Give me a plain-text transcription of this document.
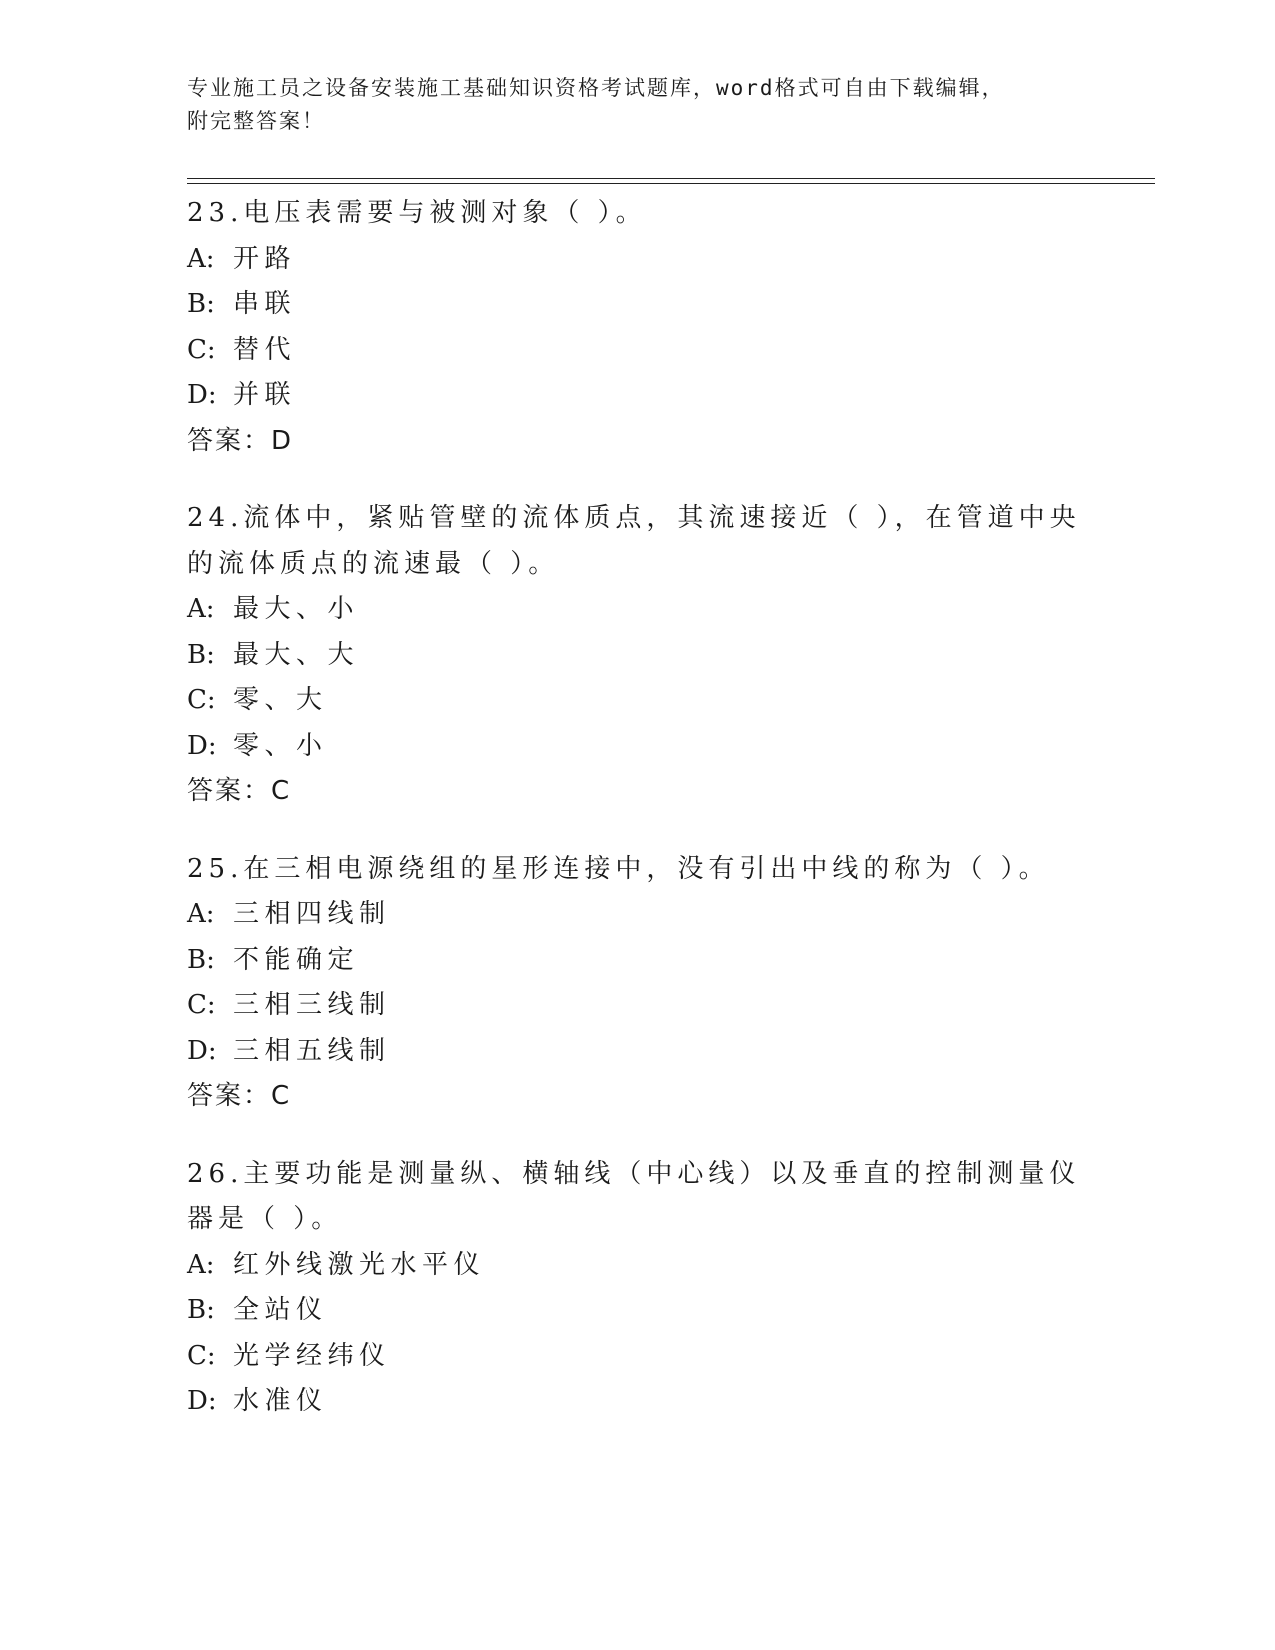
专业施工员之设备安装施工基础知识资格考试题库，word格式可自由下载编辑，
附完整答案！

23.电压表需要与被测对象（ ）。

A: 开路

B: 串联

C: 替代

D: 并联

答案：D

24.流体中，紧贴管壁的流体质点，其流速接近（ ），在管道中央的流体质点的流速最（ ）。

A: 最大、小

B: 最大、大

C: 零、大

D: 零、小

答案：C

25.在三相电源绕组的星形连接中，没有引出中线的称为（ ）。

A: 三相四线制

B: 不能确定

C: 三相三线制

D: 三相五线制

答案：C

26.主要功能是测量纵、横轴线（中心线）以及垂直的控制测量仪器是（ ）。

A: 红外线激光水平仪

B: 全站仪

C: 光学经纬仪

D: 水准仪
